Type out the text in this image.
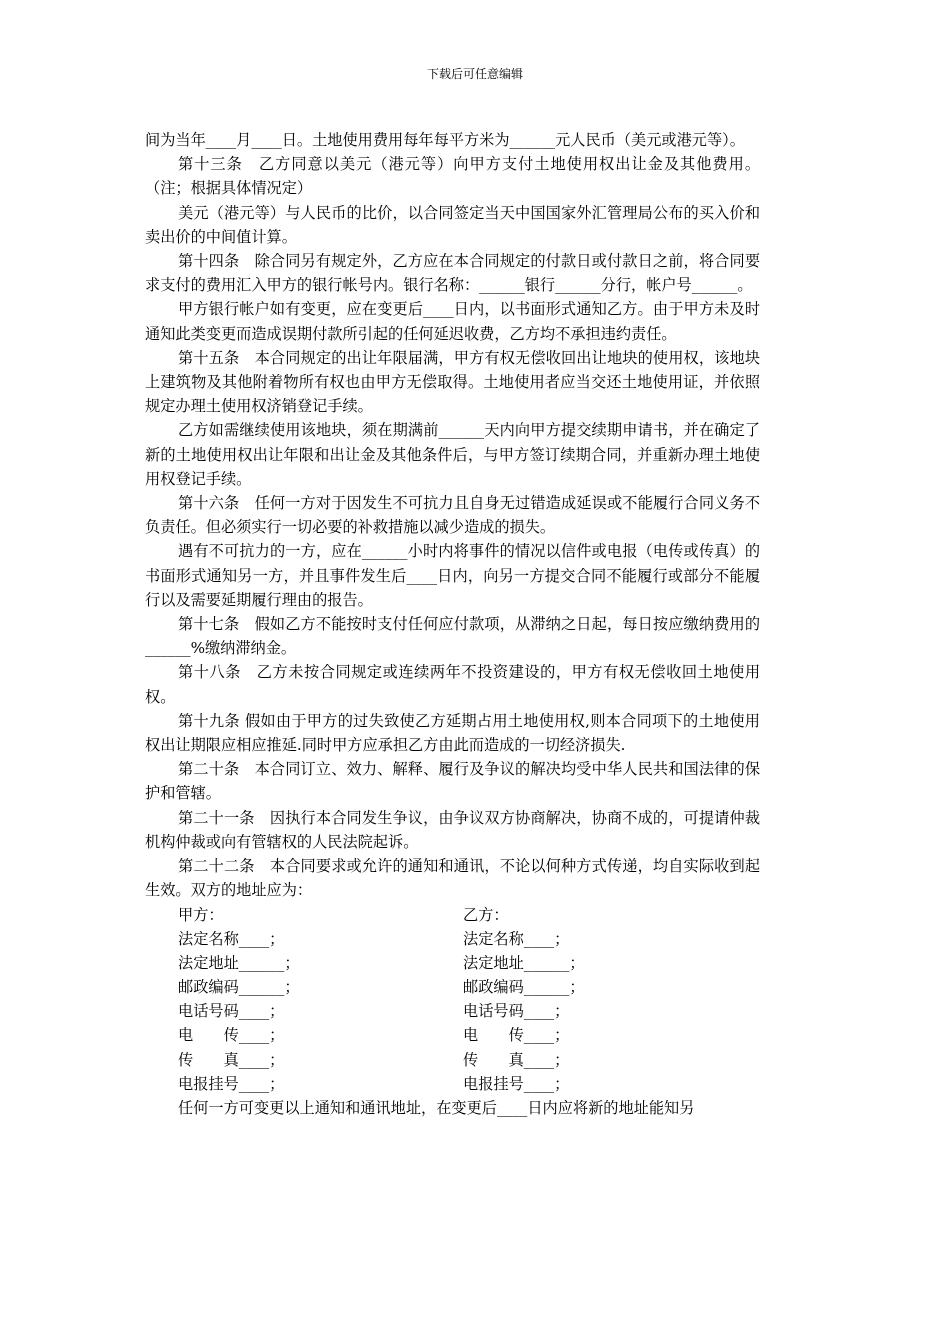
下载后可任意编辑

间为当年____月____日。土地使用费用每年每平方米为______元人民币（美元或港元等）。

第十三条　乙方同意以美元（港元等）向甲方支付土地使用权出让金及其他费用。（注；根据具体情况定）

美元（港元等）与人民币的比价，以合同签定当天中国国家外汇管理局公布的买入价和卖出价的中间值计算。

第十四条　除合同另有规定外，乙方应在本合同规定的付款日或付款日之前，将合同要求支付的费用汇入甲方的银行帐号内。银行名称：______银行______分行，帐户号______。

甲方银行帐户如有变更，应在变更后____日内，以书面形式通知乙方。由于甲方未及时通知此类变更而造成误期付款所引起的任何延迟收费，乙方均不承担违约责任。

第十五条　本合同规定的出让年限届满，甲方有权无偿收回出让地块的使用权，该地块上建筑物及其他附着物所有权也由甲方无偿取得。土地使用者应当交还土地使用证，并依照规定办理土使用权济销登记手续。

乙方如需继续使用该地块，须在期满前______天内向甲方提交续期申请书，并在确定了新的土地使用权出让年限和出让金及其他条件后，与甲方签订续期合同，并重新办理土地使用权登记手续。

第十六条　任何一方对于因发生不可抗力且自身无过错造成延误或不能履行合同义务不负责任。但必须实行一切必要的补救措施以减少造成的损失。

遇有不可抗力的一方，应在______小时内将事件的情况以信件或电报（电传或传真）的书面形式通知另一方，并且事件发生后____日内，向另一方提交合同不能履行或部分不能履行以及需要延期履行理由的报告。

第十七条　假如乙方不能按时支付任何应付款项，从滞纳之日起，每日按应缴纳费用的______%缴纳滞纳金。

第十八条　乙方未按合同规定或连续两年不投资建设的，甲方有权无偿收回土地使用权。

第十九条 假如由于甲方的过失致使乙方延期占用土地使用权,则本合同项下的土地使用权出让期限应相应推延.同时甲方应承担乙方由此而造成的一切经济损失.

第二十条　本合同订立、效力、解释、履行及争议的解决均受中华人民共和国法律的保护和管辖。

第二十一条　因执行本合同发生争议，由争议双方协商解决，协商不成的，可提请仲裁机构仲裁或向有管辖权的人民法院起诉。

第二十二条　本合同要求或允许的通知和通讯，不论以何种方式传递，均自实际收到起生效。双方的地址应为：

甲方：	乙方：
法定名称____；	法定名称____；
法定地址______；	法定地址______；
邮政编码______；	邮政编码______；
电话号码____；	电话号码____；
电　　传____；	电　　传____；
传　　真____；	传　　真____；
电报挂号____；	电报挂号____；

任何一方可变更以上通知和通讯地址，在变更后____日内应将新的地址能知另
